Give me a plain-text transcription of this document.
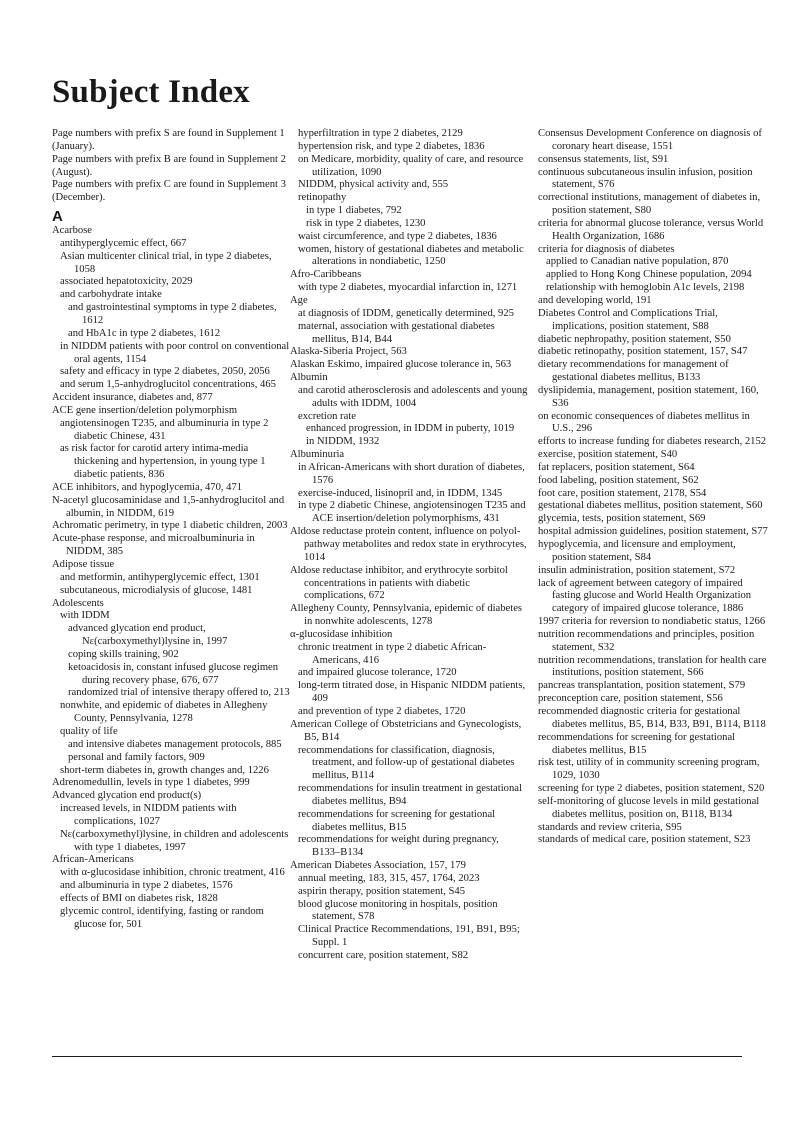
Subject Index
Page numbers with prefix S are found in Supplement 1 (January).
Page numbers with prefix B are found in Supplement 2 (August).
Page numbers with prefix C are found in Supplement 3 (December).
A
Acarbose
antihyperglycemic effect, 667
Asian multicenter clinical trial, in type 2 diabetes, 1058
associated hepatotoxicity, 2029
and carbohydrate intake
and gastrointestinal symptoms in type 2 diabetes, 1612
and HbA1c in type 2 diabetes, 1612
in NIDDM patients with poor control on conventional oral agents, 1154
safety and efficacy in type 2 diabetes, 2050, 2056
and serum 1,5-anhydroglucitol concentrations, 465
Accident insurance, diabetes and, 877
ACE gene insertion/deletion polymorphism
angiotensinogen T235, and albuminuria in type 2 diabetic Chinese, 431
as risk factor for carotid artery intima-media thickening and hypertension, in young type 1 diabetic patients, 836
ACE inhibitors, and hypoglycemia, 470, 471
N-acetyl glucosaminidase and 1,5-anhydroglucitol and albumin, in NIDDM, 619
Achromatic perimetry, in type 1 diabetic children, 2003
Acute-phase response, and microalbuminuria in NIDDM, 385
Adipose tissue
and metformin, antihyperglycemic effect, 1301
subcutaneous, microdialysis of glucose, 1481
Adolescents
with IDDM
advanced glycation end product, Nε(carboxymethyl)lysine in, 1997
coping skills training, 902
ketoacidosis in, constant infused glucose regimen during recovery phase, 676, 677
randomized trial of intensive therapy offered to, 213
nonwhite, and epidemic of diabetes in Allegheny County, Pennsylvania, 1278
quality of life
and intensive diabetes management protocols, 885
personal and family factors, 909
short-term diabetes in, growth changes and, 1226
Adrenomedullin, levels in type 1 diabetes, 999
Advanced glycation end product(s)
increased levels, in NIDDM patients with complications, 1027
Nε(carboxymethyl)lysine, in children and adolescents with type 1 diabetes, 1997
African-Americans
with α-glucosidase inhibition, chronic treatment, 416
and albuminuria in type 2 diabetes, 1576
effects of BMI on diabetes risk, 1828
glycemic control, identifying, fasting or random glucose for, 501
hyperfiltration in type 2 diabetes, 2129
hypertension risk, and type 2 diabetes, 1836
on Medicare, morbidity, quality of care, and resource utilization, 1090
NIDDM, physical activity and, 555
retinopathy
in type 1 diabetes, 792
risk in type 2 diabetes, 1230
waist circumference, and type 2 diabetes, 1836
women, history of gestational diabetes and metabolic alterations in nondiabetic, 1250
Afro-Caribbeans
with type 2 diabetes, myocardial infarction in, 1271
Age
at diagnosis of IDDM, genetically determined, 925
maternal, association with gestational diabetes mellitus, B14, B44
Alaska-Siberia Project, 563
Alaskan Eskimo, impaired glucose tolerance in, 563
Albumin
and carotid atherosclerosis and adolescents and young adults with IDDM, 1004
excretion rate
enhanced progression, in IDDM in puberty, 1019
in NIDDM, 1932
Albuminuria
in African-Americans with short duration of diabetes, 1576
exercise-induced, lisinopril and, in IDDM, 1345
in type 2 diabetic Chinese, angiotensinogen T235 and ACE insertion/deletion polymorphisms, 431
Aldose reductase protein content, influence on polyol-pathway metabolites and redox state in erythrocytes, 1014
Aldose reductase inhibitor, and erythrocyte sorbitol concentrations in patients with diabetic complications, 672
Allegheny County, Pennsylvania, epidemic of diabetes in nonwhite adolescents, 1278
α-glucosidase inhibition
chronic treatment in type 2 diabetic African-Americans, 416
and impaired glucose tolerance, 1720
long-term titrated dose, in Hispanic NIDDM patients, 409
and prevention of type 2 diabetes, 1720
American College of Obstetricians and Gynecologists, B5, B14
recommendations for classification, diagnosis, treatment, and follow-up of gestational diabetes mellitus, B114
recommendations for insulin treatment in gestational diabetes mellitus, B94
recommendations for screening for gestational diabetes mellitus, B15
recommendations for weight during pregnancy, B133–B134
American Diabetes Association, 157, 179
annual meeting, 183, 315, 457, 1764, 2023
aspirin therapy, position statement, S45
blood glucose monitoring in hospitals, position statement, S78
Clinical Practice Recommendations, 191, B91, B95; Suppl. 1
concurrent care, position statement, S82
Consensus Development Conference on diagnosis of coronary heart disease, 1551
consensus statements, list, S91
continuous subcutaneous insulin infusion, position statement, S76
correctional institutions, management of diabetes in, position statement, S80
criteria for abnormal glucose tolerance, versus World Health Organization, 1686
criteria for diagnosis of diabetes
applied to Canadian native population, 870
applied to Hong Kong Chinese population, 2094
relationship with hemoglobin A1c levels, 2198
and developing world, 191
Diabetes Control and Complications Trial, implications, position statement, S88
diabetic nephropathy, position statement, S50
diabetic retinopathy, position statement, 157, S47
dietary recommendations for management of gestational diabetes mellitus, B133
dyslipidemia, management, position statement, 160, S36
on economic consequences of diabetes mellitus in U.S., 296
efforts to increase funding for diabetes research, 2152
exercise, position statement, S40
fat replacers, position statement, S64
food labeling, position statement, S62
foot care, position statement, 2178, S54
gestational diabetes mellitus, position statement, S60
glycemia, tests, position statement, S69
hospital admission guidelines, position statement, S77
hypoglycemia, and licensure and employment, position statement, S84
insulin administration, position statement, S72
lack of agreement between category of impaired fasting glucose and World Health Organization category of impaired glucose tolerance, 1886
1997 criteria for reversion to nondiabetic status, 1266
nutrition recommendations and principles, position statement, S32
nutrition recommendations, translation for health care institutions, position statement, S66
pancreas transplantation, position statement, S79
preconception care, position statement, S56
recommended diagnostic criteria for gestational diabetes mellitus, B5, B14, B33, B91, B114, B118
recommendations for screening for gestational diabetes mellitus, B15
risk test, utility of in community screening program, 1029, 1030
screening for type 2 diabetes, position statement, S20
self-monitoring of glucose levels in mild gestational diabetes mellitus, position on, B118, B134
standards and review criteria, S95
standards of medical care, position statement, S23
